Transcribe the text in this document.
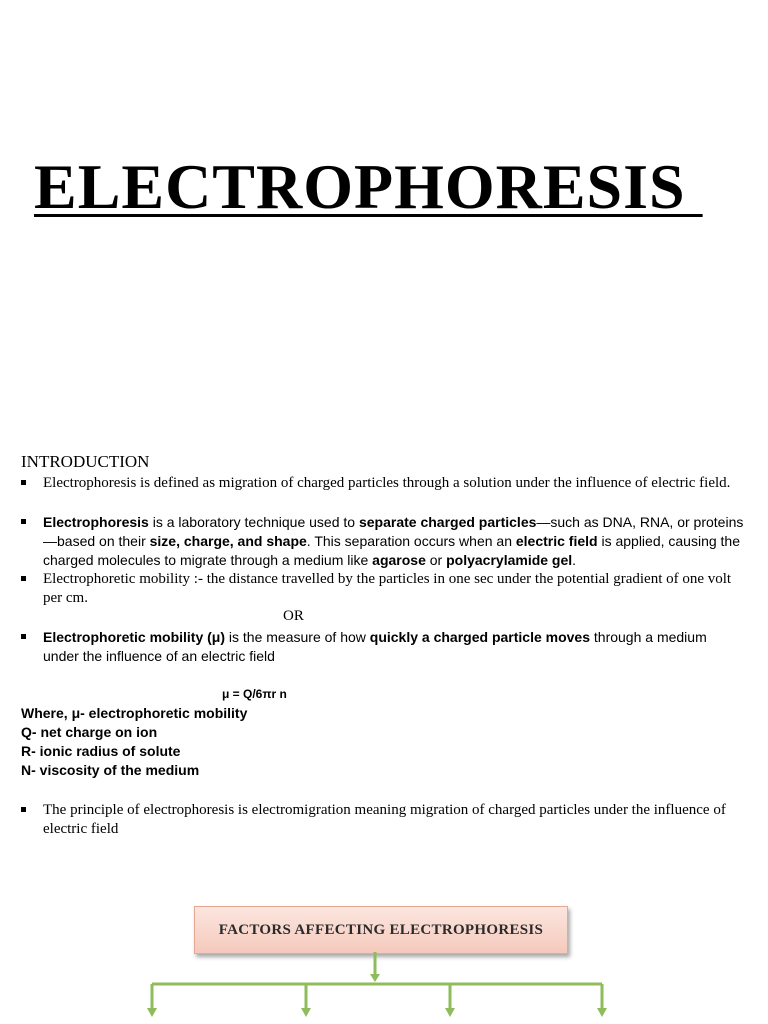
ELECTROPHORESIS
INTRODUCTION
Electrophoresis is defined as migration of charged particles through a solution under the influence of electric field.
Electrophoresis is a laboratory technique used to separate charged particles—such as DNA, RNA, or proteins—based on their size, charge, and shape. This separation occurs when an electric field is applied, causing the charged molecules to migrate through a medium like agarose or polyacrylamide gel.
Electrophoretic mobility :- the distance travelled by the particles in one sec under the potential gradient of one volt per cm.
OR
Electrophoretic mobility (μ) is the measure of how quickly a charged particle moves through a medium under the influence of an electric field
μ = Q/6πr n
Where, μ- electrophoretic mobility
Q- net charge on ion
R- ionic radius of solute
N- viscosity of the medium
The principle of electrophoresis is electromigration meaning migration of charged particles under the influence of electric field
FACTORS AFFECTING ELECTROPHORESIS
